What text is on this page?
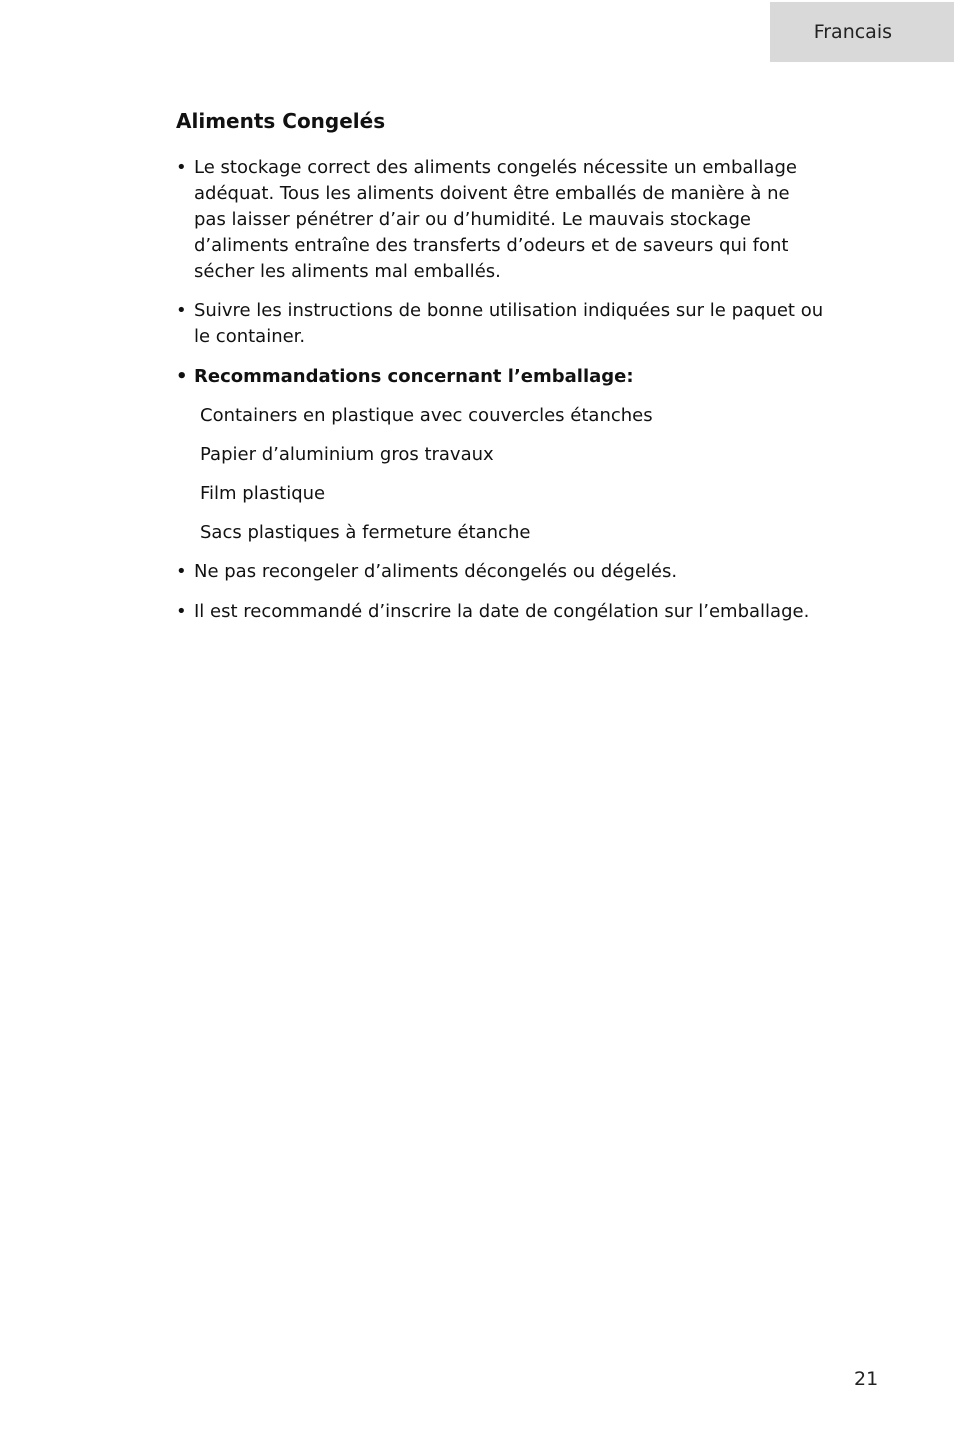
Francais
Aliments Congelés
• Le stockage correct des aliments congelés nécessite un emballage adéquat. Tous les aliments doivent être emballés de manière à ne pas laisser pénétrer d’air ou d’humidité. Le mauvais stockage d’aliments entraîne des transferts d’odeurs et de saveurs qui font sécher les aliments mal emballés.
• Suivre les instructions de bonne utilisation indiquées sur le paquet ou le container.
• Recommandations concernant l’emballage:
Containers en plastique avec couvercles étanches
Papier d’aluminium gros travaux
Film plastique
Sacs plastiques à fermeture étanche
• Ne pas recongeler d’aliments décongelés ou dégelés.
• Il est recommandé d’inscrire la date de congélation sur l’emballage.
21
